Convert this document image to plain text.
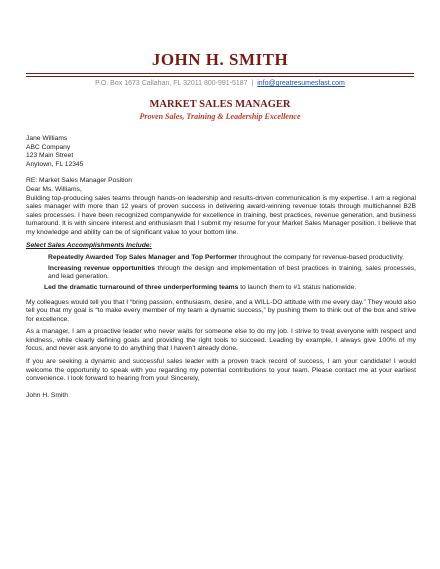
JOHN H. SMITH
P.O. Box 1673 Callahan, FL 32011 800-991-5187  |  info@greatresumesfast.com
MARKET SALES MANAGER
Proven Sales, Training & Leadership Excellence
Jane Williams
ABC Company
123 Main Street
Anytown, FL 12345
RE: Market Sales Manager Position
Dear Ms. Williams,
Building top-producing sales teams through hands-on leadership and results-driven communication is my expertise. I am a regional sales manager with more than 12 years of proven success in delivering award-winning revenue totals through multichannel B2B sales processes. I have been recognized companywide for excellence in training, best practices, revenue generation, and business turnaround. It is with sincere interest and enthusiasm that I submit my resume for your Market Sales Manager position. I believe that my knowledge and ability can be of significant value to your bottom line.
Select Sales Accomplishments Include:
Repeatedly Awarded Top Sales Manager and Top Performer throughout the company for revenue-based productivity.
Increasing revenue opportunities through the design and implementation of best practices in training, sales processes, and lead generation.
Led the dramatic turnaround of three underperforming teams to launch them to #1 status nationwide.
My colleagues would tell you that I “bring passion, enthusiasm, desire, and a WILL-DO attitude with me every day.” They would also tell you that my goal is “to make every member of my team a dynamic success,” by pushing them to think out of the box and strive for excellence.
As a manager, I am a proactive leader who never waits for someone else to do my job. I strive to treat everyone with respect and kindness, while clearly defining goals and providing the right tools to succeed. Leading by example, I always give 100% of my focus, and never ask anyone to do anything that I haven’t already done.
If you are seeking a dynamic and successful sales leader with a proven track record of success, I am your candidate! I would welcome the opportunity to speak with you regarding my potential contributions to your team. Please contact me at your earliest convenience. I look forward to hearing from you! Sincerely,
John H. Smith
